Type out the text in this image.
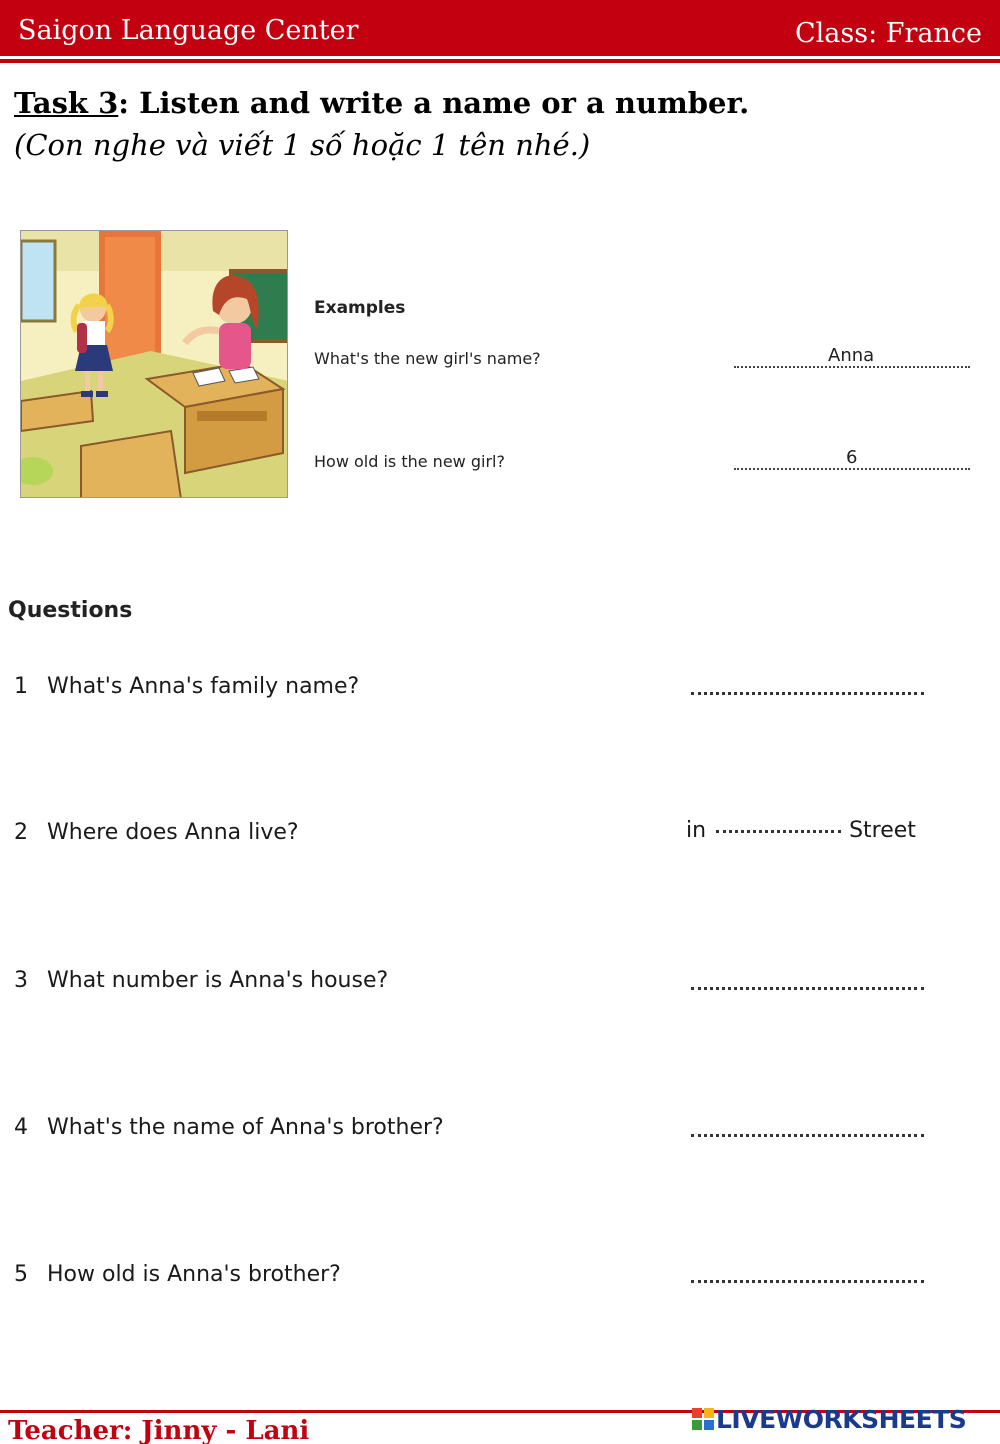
Saigon Language Center	Class: France
Task 3: Listen and write a name or a number.
(Con nghe và viết 1 số hoặc 1 tên nhé.)
Examples
What's the new girl's name?	Anna
How old is the new girl?	6
Questions
1 What's Anna's family name?
2 Where does Anna live?	in	Street
3 What number is Anna's house?
4 What's the name of Anna's brother?
5 How old is Anna's brother?
Teacher: Jinny - Lani	LIVEWORKSHEETS
